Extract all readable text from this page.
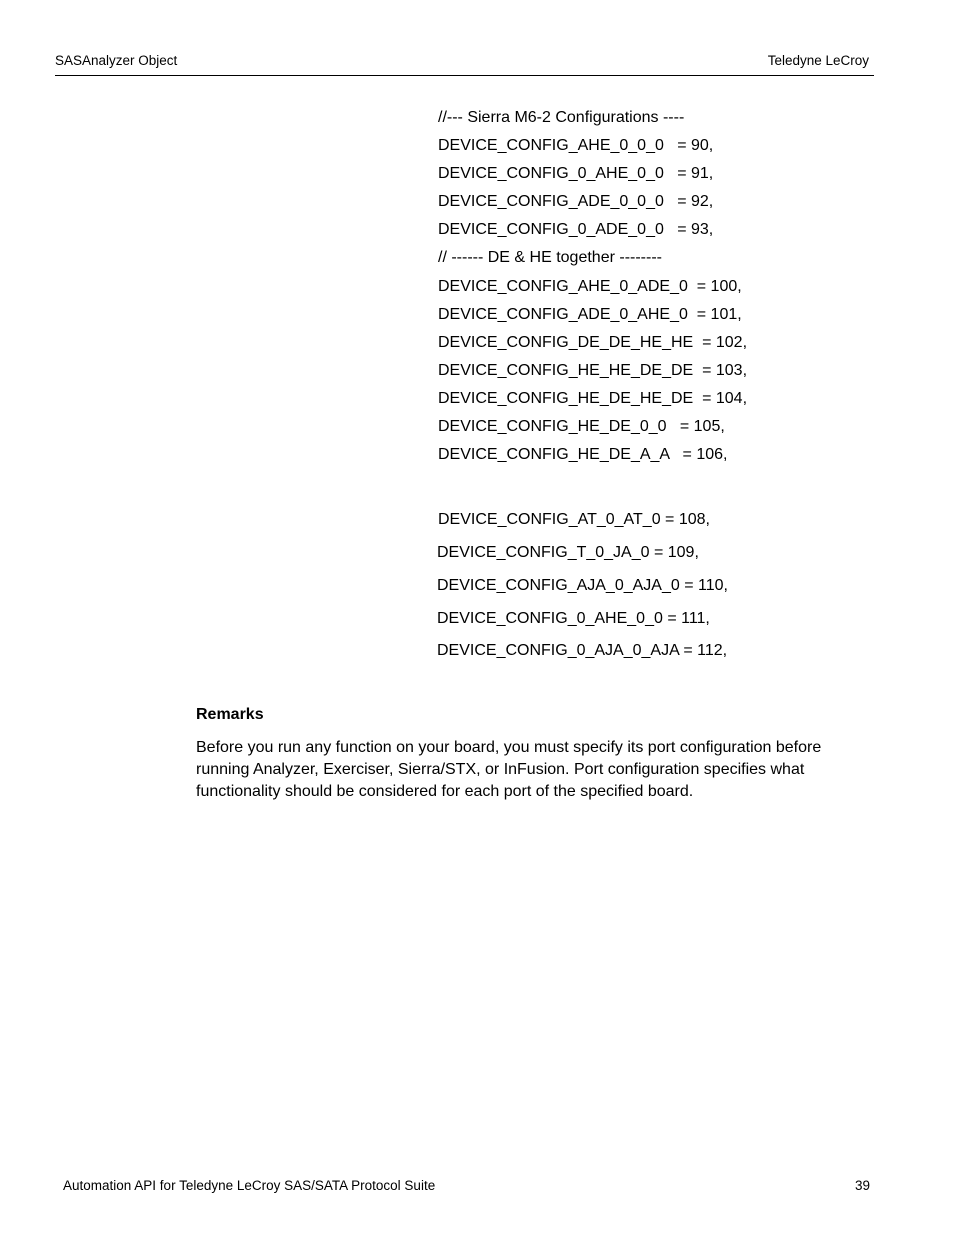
SASAnalyzer Object	Teledyne LeCroy
//--- Sierra M6-2 Configurations ----
DEVICE_CONFIG_AHE_0_0_0   = 90,
DEVICE_CONFIG_0_AHE_0_0   = 91,
DEVICE_CONFIG_ADE_0_0_0   = 92,
DEVICE_CONFIG_0_ADE_0_0   = 93,
// ------ DE & HE together --------
DEVICE_CONFIG_AHE_0_ADE_0  = 100,
DEVICE_CONFIG_ADE_0_AHE_0  = 101,
DEVICE_CONFIG_DE_DE_HE_HE  = 102,
DEVICE_CONFIG_HE_HE_DE_DE  = 103,
DEVICE_CONFIG_HE_DE_HE_DE  = 104,
DEVICE_CONFIG_HE_DE_0_0   = 105,
DEVICE_CONFIG_HE_DE_A_A   = 106,
DEVICE_CONFIG_AT_0_AT_0 = 108,
DEVICE_CONFIG_T_0_JA_0 = 109,
DEVICE_CONFIG_AJA_0_AJA_0 = 110,
DEVICE_CONFIG_0_AHE_0_0 = 111,
DEVICE_CONFIG_0_AJA_0_AJA = 112,
Remarks
Before you run any function on your board, you must specify its port configuration before running Analyzer, Exerciser, Sierra/STX, or InFusion. Port configuration specifies what functionality should be considered for each port of the specified board.
Automation API for Teledyne LeCroy SAS/SATA Protocol Suite	39
